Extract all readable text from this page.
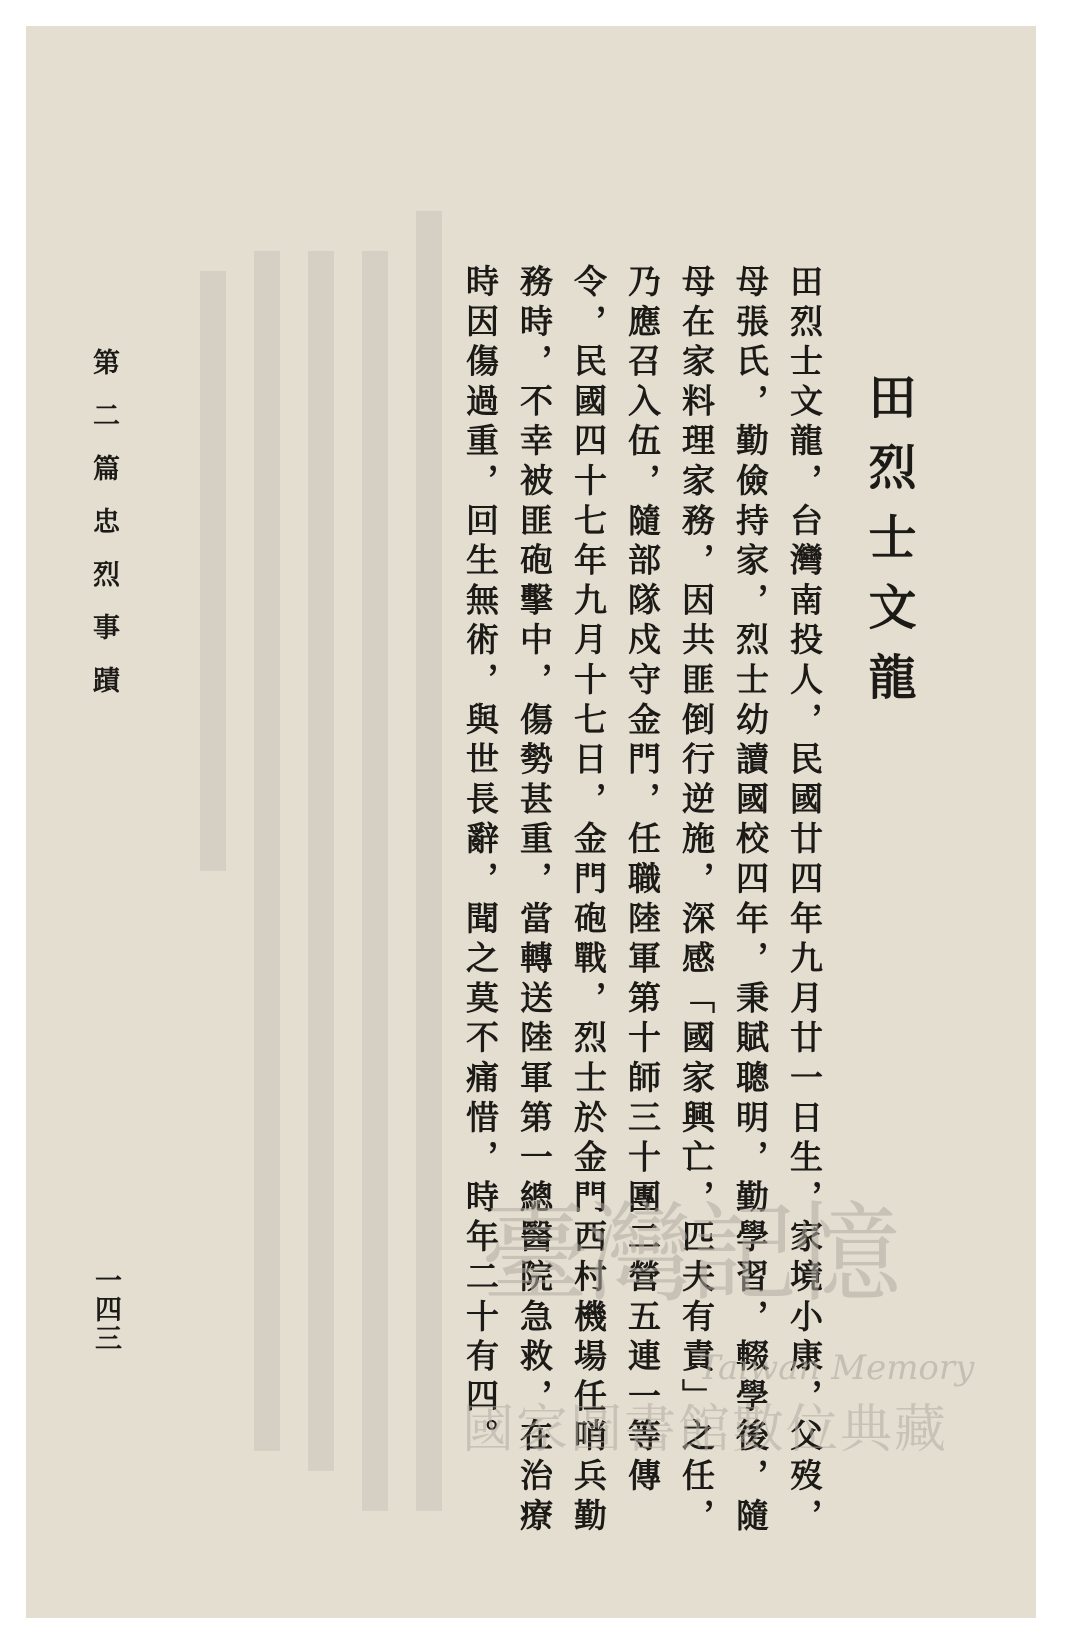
田烈士文龍
田烈士文龍，台灣南投人，民國廿四年九月廿一日生，家境小康，父歿，母張氏，勤儉持家，烈士幼讀國校四年，秉賦聰明，勤學習，輟學後，隨母在家料理家務，因共匪倒行逆施，深感「國家興亡，匹夫有責」之任，乃應召入伍，隨部隊戍守金門，任職陸軍第十師三十團二營五連一等傳令，民國四十七年九月十七日，金門砲戰，烈士於金門西村機場任哨兵勤務時，不幸被匪砲擊中，傷勢甚重，當轉送陸軍第一總醫院急救，在治療時因傷過重，回生無術，與世長辭，聞之莫不痛惜，時年二十有四。
第二篇忠烈事蹟
一四三	臺灣記憶
Taiwan Memory
國家圖書館數位典藏
